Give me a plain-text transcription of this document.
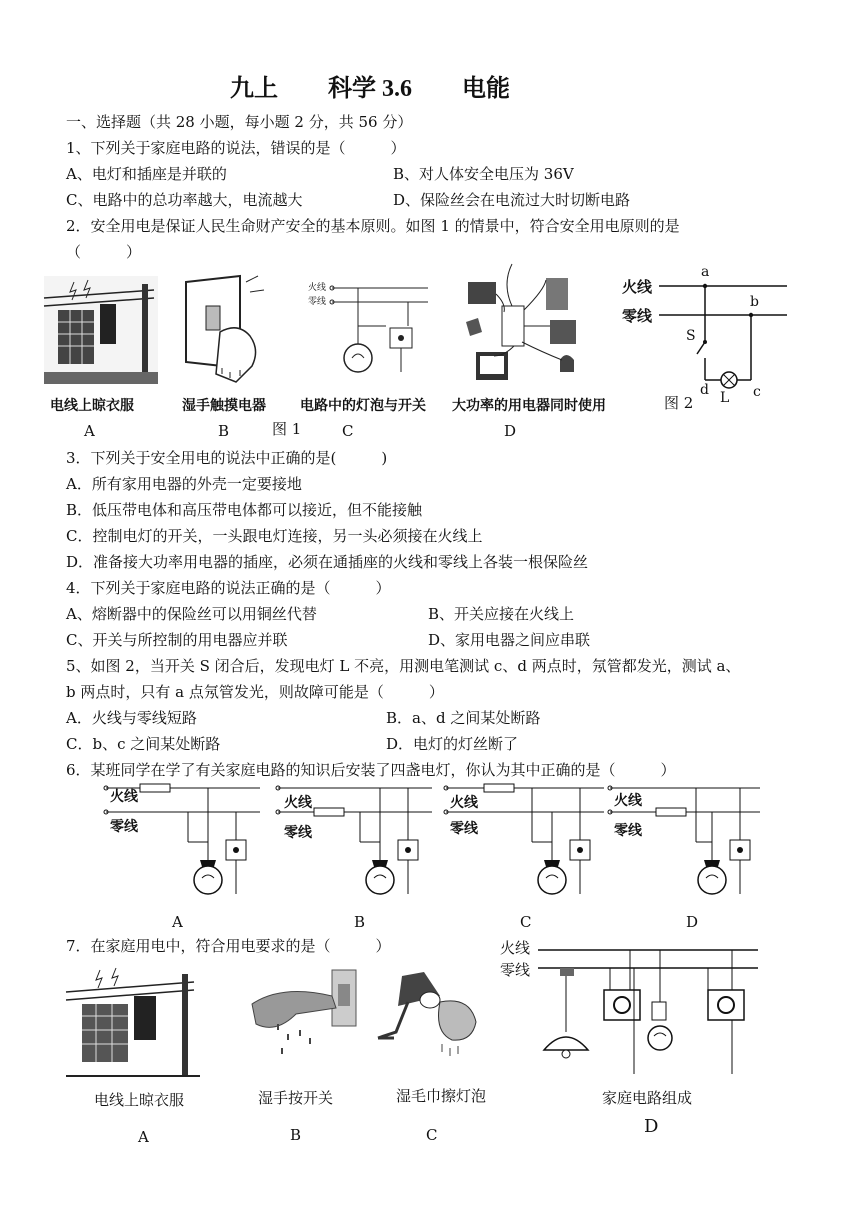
九上 科学 3.6 电能
一、选择题（共 28 小题，每小题 2 分，共 56 分）
1、下列关于家庭电路的说法，错误的是（　　　）
A、电灯和插座是并联的	B、对人体安全电压为 36V
C、电路中的总功率越大，电流越大	D、保险丝会在电流过大时切断电路
2．安全用电是保证人民生命财产安全的基本原则。如图 1 的情景中，符合安全用电原则的是
（　　　）
电线上晾衣服
A
湿手触摸电器
B
火线
零线
电路中的灯泡与开关
C
图 1
大功率的用电器同时使用
D
火线
零线
a
b
S
d	c
L
图 2
3．下列关于安全用电的说法中正确的是(　　　)
A．所有家用电器的外壳一定要接地
B．低压带电体和高压带电体都可以接近，但不能接触
C．控制电灯的开关，一头跟电灯连接，另一头必须接在火线上
D．准备接大功率用电器的插座，必须在通插座的火线和零线上各装一根保险丝
4．下列关于家庭电路的说法正确的是（　　　）
A、熔断器中的保险丝可以用铜丝代替	B、开关应接在火线上
C、开关与所控制的用电器应并联	D、家用电器之间应串联
5、如图 2，当开关 S 闭合后，发现电灯 L 不亮，用测电笔测试 c、d 两点时，氖管都发光，测试 a、
b 两点时，只有 a 点氖管发光，则故障可能是（　　　）
A．火线与零线短路	B．a、d 之间某处断路
C．b、c 之间某处断路	D．电灯的灯丝断了
6．某班同学在学了有关家庭电路的知识后安装了四盏电灯，你认为其中正确的是（　　　）
火线
零线
A
火线
零线
B
火线
零线
C
火线
零线
D
7．在家庭用电中，符合用电要求的是（　　　）
电线上晾衣服
A
湿手按开关
B
湿毛巾擦灯泡
C
火线
零线
家庭电路组成
D
